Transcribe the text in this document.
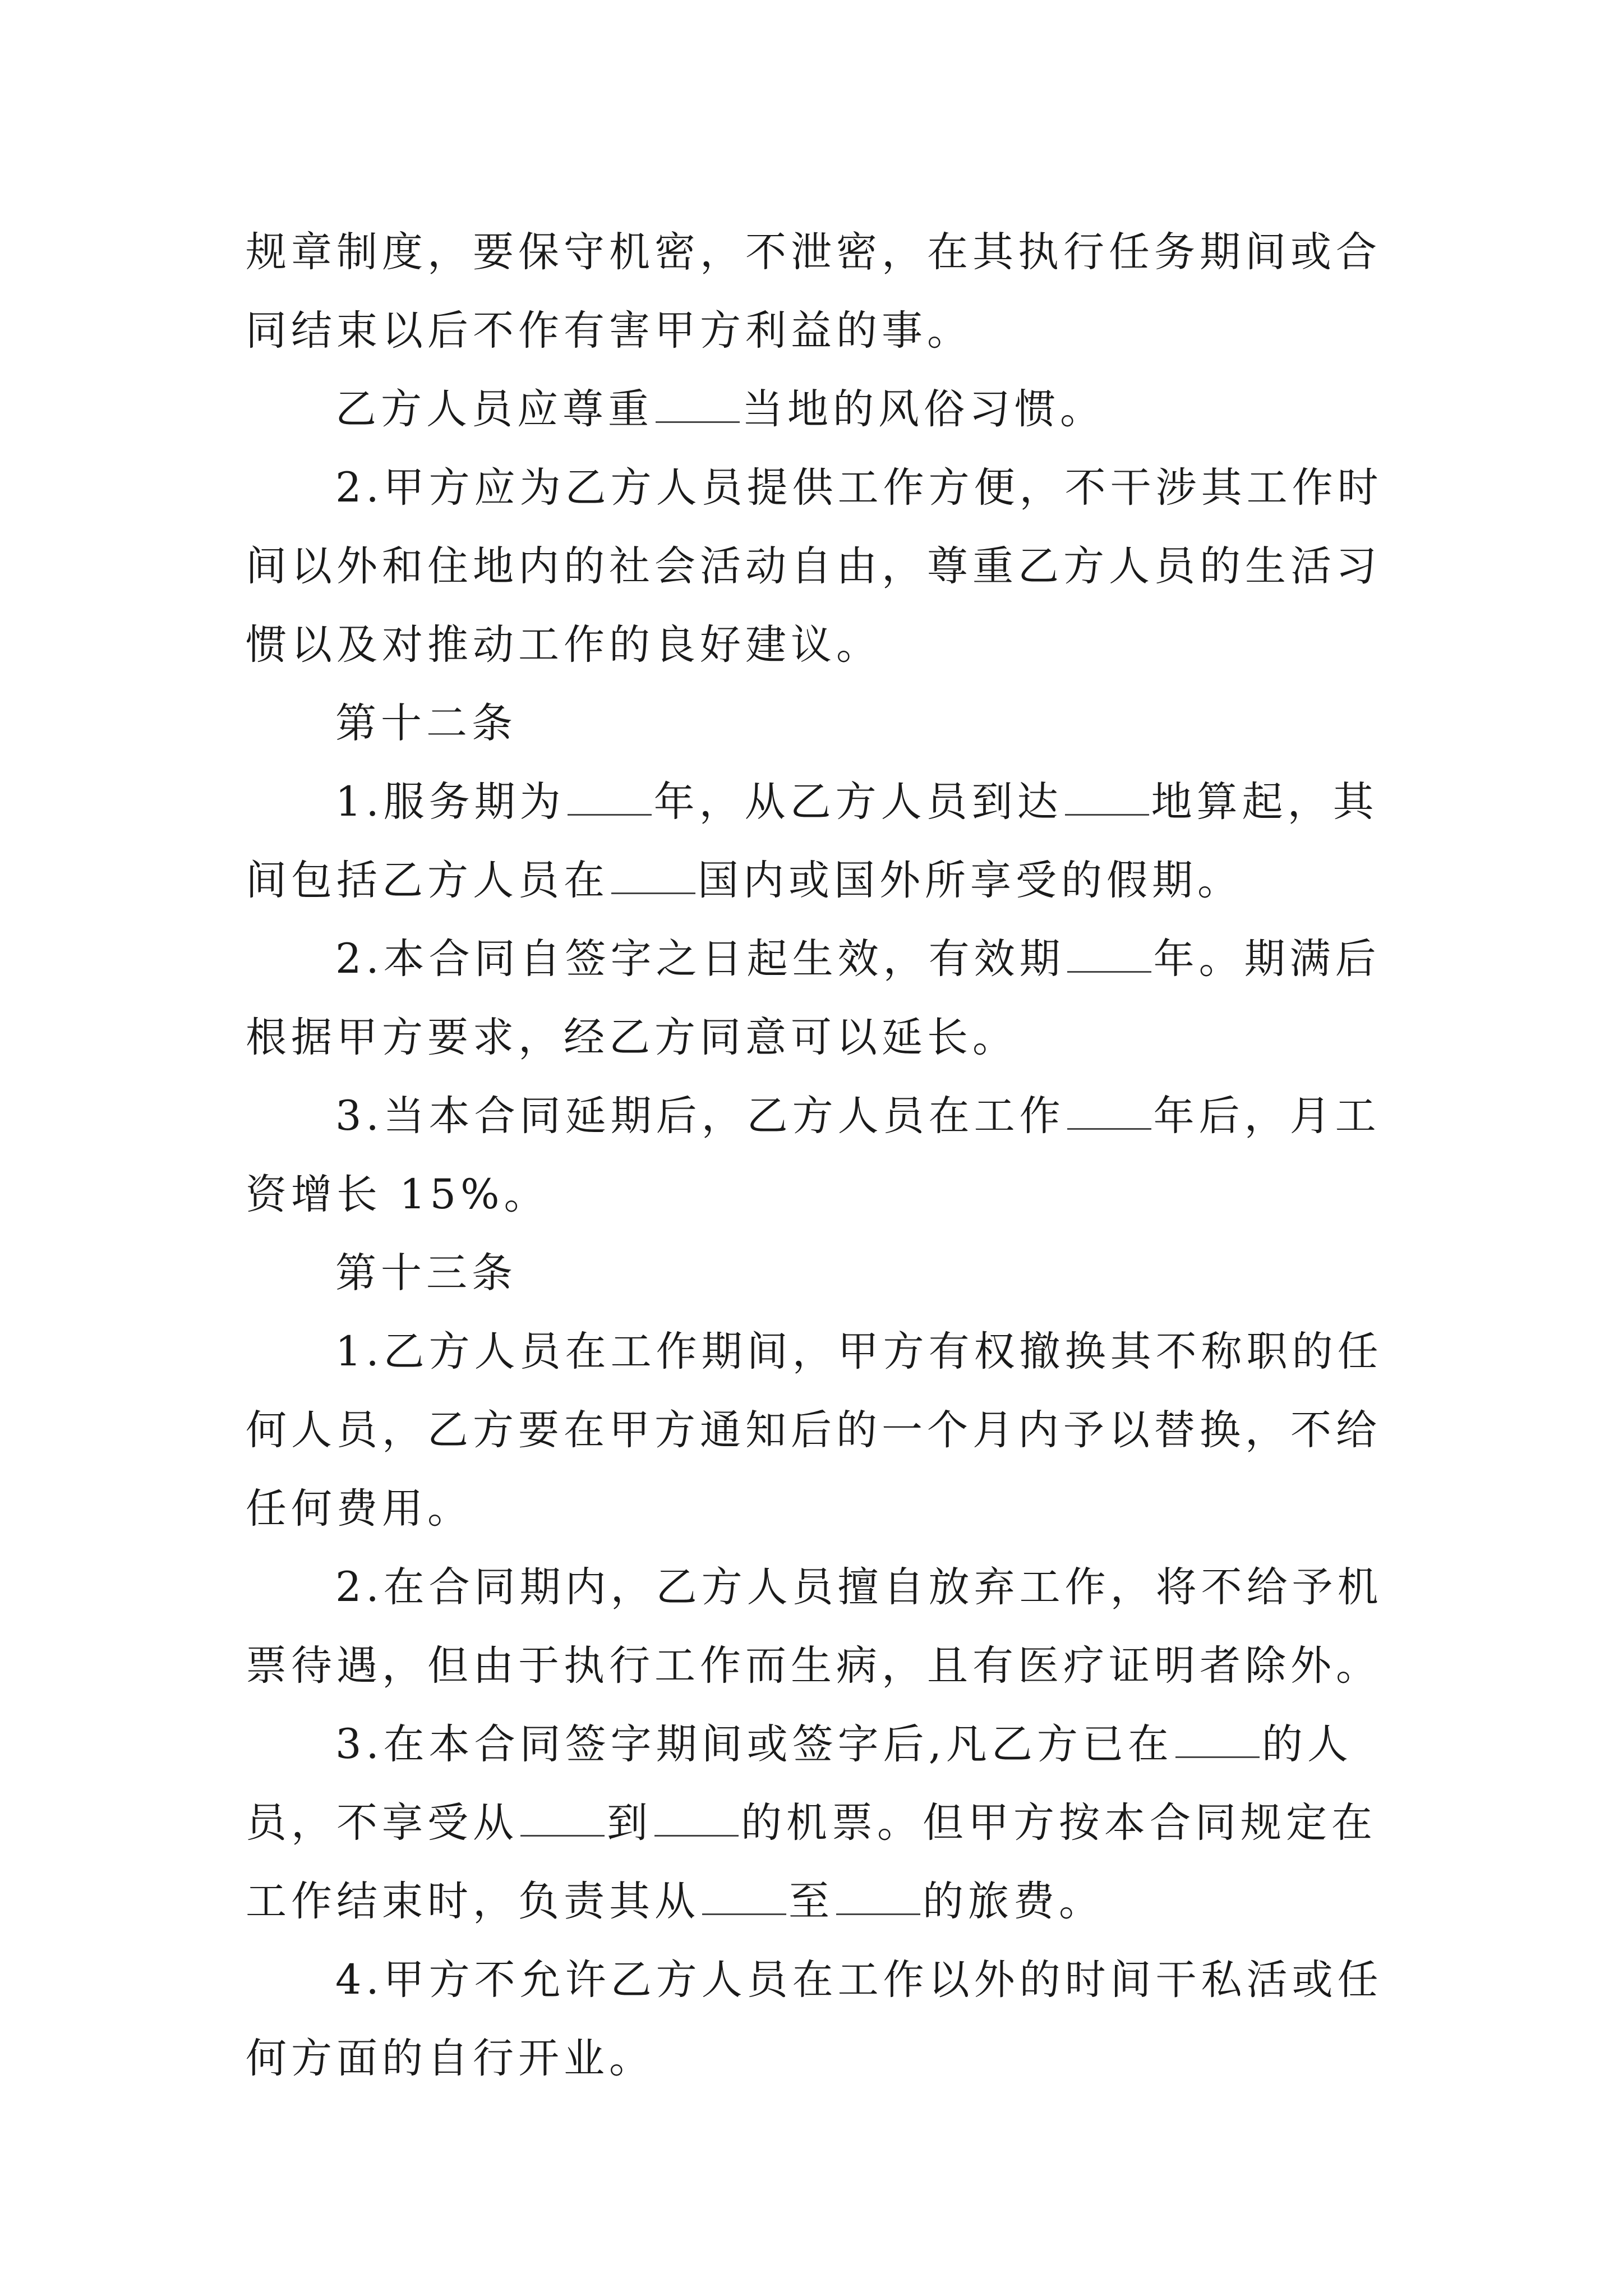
规章制度，要保守机密，不泄密，在其执行任务期间或合同结束以后不作有害甲方利益的事。

乙方人员应尊重 当地的风俗习惯。

2.甲方应为乙方人员提供工作方便，不干涉其工作时间以外和住地内的社会活动自由，尊重乙方人员的生活习惯以及对推动工作的良好建议。

第十二条

1.服务期为 年，从乙方人员到达 地算起，其间包括乙方人员在 国内或国外所享受的假期。

2.本合同自签字之日起生效，有效期 年。期满后根据甲方要求，经乙方同意可以延长。

3.当本合同延期后，乙方人员在工作 年后，月工资增长 15%。

第十三条

1.乙方人员在工作期间，甲方有权撤换其不称职的任何人员，乙方要在甲方通知后的一个月内予以替换，不给任何费用。

2.在合同期内，乙方人员擅自放弃工作，将不给予机票待遇，但由于执行工作而生病，且有医疗证明者除外。

3.在本合同签字期间或签字后,凡乙方已在 的人员，不享受从 到 的机票。但甲方按本合同规定在工作结束时，负责其从 至 的旅费。

4.甲方不允许乙方人员在工作以外的时间干私活或任何方面的自行开业。
